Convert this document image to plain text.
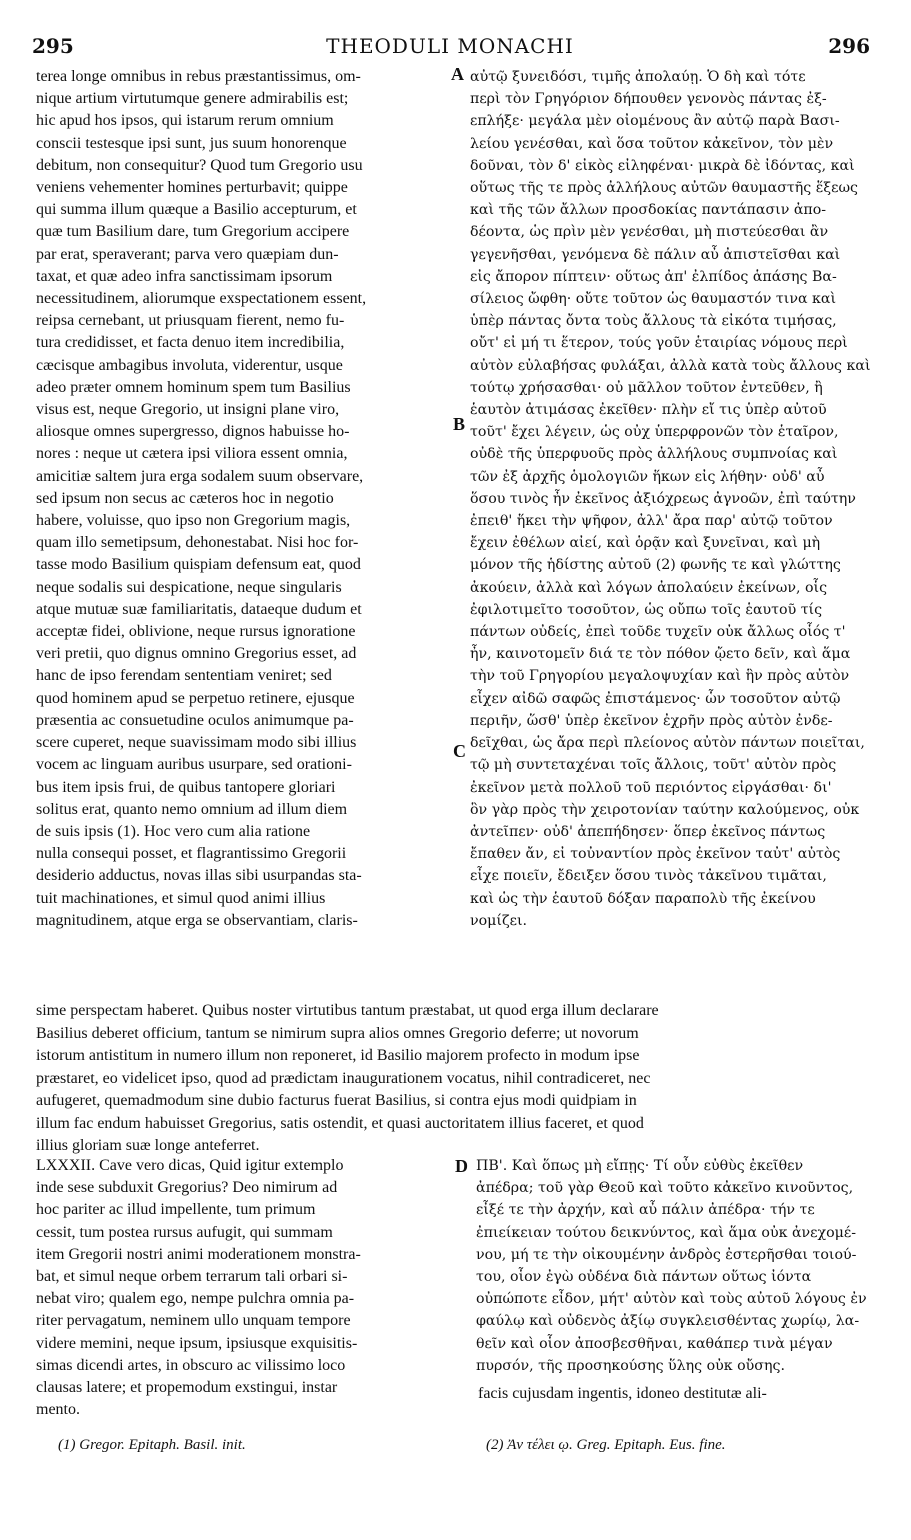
295	THEODULI MONACHI	296
terea longe omnibus in rebus præstantissimus, om-
nique artium virtutumque genere admirabilis est;
hic apud hos ipsos, qui istarum rerum omnium
conscii testesque ipsi sunt, jus suum honorenque
debitum, non consequitur? Quod tum Gregorio usu
veniens vehementer homines perturbavit; quippe
qui summa illum quæque a Basilio accepturum, et
quæ tum Basilium dare, tum Gregorium accipere
par erat, speraverant; parva vero quæpiam dun-
taxat, et quæ adeo infra sanctissimam ipsorum
necessitudinem, aliorumque exspectationem essent,
reipsa cernebant, ut priusquam fierent, nemo fu-
tura credidisset, et facta denuo item incredibilia,
cæcisque ambagibus involuta, viderentur, usque
adeo præter omnem hominum spem tum Basilius
visus est, neque Gregorio, ut insigni plane viro,
aliosque omnes supergresso, dignos habuisse ho-
nores : neque ut cætera ipsi viliora essent omnia,
amicitiæ saltem jura erga sodalem suum observare,
sed ipsum non secus ac cæteros hoc in negotio
habere, voluisse, quo ipso non Gregorium magis,
quam illo semetipsum, dehonestabat. Nisi hoc for-
tasse modo Basilium quispiam defensum eat, quod
neque sodalis sui despicatione, neque singularis
atque mutuæ suæ familiaritatis, dataeque dudum et
acceptæ fidei, oblivione, neque rursus ignoratione
veri pretii, quo dignus omnino Gregorius esset, ad
hanc de ipso ferendam sententiam veniret; sed
quod hominem apud se perpetuo retinere, ejusque
præsentia ac consuetudine oculos animumque pa-
scere cuperet, neque suavissimam modo sibi illius
vocem ac linguam auribus usurpare, sed orationi-
bus item ipsis frui, de quibus tantopere gloriari
solitus erat, quanto nemo omnium ad illum diem
de suis ipsis (1). Hoc vero cum alia ratione
nulla consequi posset, et flagrantissimo Gregorii
desiderio adductus, novas illas sibi usurpandas sta-
tuit machinationes, et simul quod animi illius
magnitudinem, atque erga se observantiam, claris-
αὐτῷ ξυνειδόσι, τιμῆς ἀπολαύῃ. Ὁ δὴ καὶ τότε
περὶ τὸν Γρηγόριον δήπουθεν γενονὸς πάντας ἐξ-
επλήξε· μεγάλα μὲν οἰομένους ἂν αὐτῷ παρὰ Βασι-
λείου γενέσθαι, καὶ ὅσα τοῦτον κἀκεῖνον, τὸν μὲν
δοῦναι, τὸν δ' εἰκὸς εἰληφέναι· μικρὰ δὲ ἰδόντας, καὶ
οὕτως τῆς τε πρὸς ἀλλήλους αὐτῶν θαυμαστῆς ἕξεως
καὶ τῆς τῶν ἄλλων προσδοκίας παντάπασιν ἀπο-
δέοντα, ὡς πρὶν μὲν γενέσθαι, μὴ πιστεύεσθαι ἂν
γεγενῆσθαι, γενόμενα δὲ πάλιν αὖ ἀπιστεῖσθαι καὶ
εἰς ἄπορον πίπτειν· οὕτως ἀπ' ἐλπίδος ἁπάσης Βα-
σίλειος ὤφθη· οὔτε τοῦτον ὡς θαυμαστόν τινα καὶ
ὑπὲρ πάντας ὄντα τοὺς ἄλλους τὰ εἰκότα τιμήσας,
οὔτ' εἰ μή τι ἕτερον, τούς γοῦν ἑταιρίας νόμους περὶ
αὐτὸν εὐλαβήσας φυλάξαι, ἀλλὰ κατὰ τοὺς ἄλλους καὶ
τούτῳ χρήσασθαι· οὐ μᾶλλον τοῦτον ἐντεῦθεν, ἢ
ἑαυτὸν ἀτιμάσας ἐκεῖθεν· πλὴν εἴ τις ὑπὲρ αὐτοῦ
τοῦτ' ἔχει λέγειν, ὡς οὐχ ὑπερφρονῶν τὸν ἑταῖρον,
οὐδὲ τῆς ὑπερφυοῦς πρὸς ἀλλήλους συμπνοίας καὶ
τῶν ἐξ ἀρχῆς ὁμολογιῶν ἥκων εἰς λήθην· οὐδ' αὖ
ὅσου τινὸς ἦν ἐκεῖνος ἀξιόχρεως ἀγνοῶν, ἐπὶ ταύτην
ἐπειθ' ἥκει τὴν ψῆφον, ἀλλ' ἄρα παρ' αὐτῷ τοῦτον
ἔχειν ἐθέλων αἰεί, καὶ ὁρᾷν καὶ ξυνεῖναι, καὶ μὴ
μόνον τῆς ἡδίστης αὐτοῦ (2) φωνῆς τε καὶ γλώττης
ἀκούειν, ἀλλὰ καὶ λόγων ἀπολαύειν ἐκείνων, οἷς
ἐφιλοτιμεῖτο τοσοῦτον, ὡς οὔπω τοῖς ἑαυτοῦ τίς
πάντων οὐδείς, ἐπεὶ τοῦδε τυχεῖν οὐκ ἄλλως οἷός τ'
ἦν, καινοτομεῖν διά τε τὸν πόθον ᾤετο δεῖν, καὶ ἅμα
τὴν τοῦ Γρηγορίου μεγαλοψυχίαν καὶ ἣν πρὸς αὐτὸν
εἶχεν αἰδῶ σαφῶς ἐπιστάμενος· ὧν τοσοῦτον αὐτῷ
περιῆν, ὥσθ' ὑπὲρ ἐκεῖνον ἐχρῆν πρὸς αὐτὸν ἐνδε-
δεῖχθαι, ὡς ἄρα περὶ πλείονος αὐτὸν πάντων ποιεῖται,
τῷ μὴ συντεταχέναι τοῖς ἄλλοις, τοῦτ' αὐτὸν πρὸς
ἐκεῖνον μετὰ πολλοῦ τοῦ περιόντος εἰργάσθαι· δι'
ὃν γὰρ πρὸς τὴν χειροτονίαν ταύτην καλούμενος, οὐκ
ἀντεῖπεν· οὐδ' ἀπεπήδησεν· ὅπερ ἐκεῖνος πάντως
ἔπαθεν ἄν, εἰ τοὐναντίον πρὸς ἐκεῖνον ταὐτ' αὐτὸς
εἶχε ποιεῖν, ἔδειξεν ὅσου τινὸς τἀκεῖνου τιμᾶται,
καὶ ὡς τὴν ἑαυτοῦ δόξαν παραπολὺ τῆς ἐκείνου
νομίζει.
A
B
C
D
sime perspectam haberet. Quibus noster virtutibus tantum præstabat, ut quod erga illum declarare
Basilius deberet officium, tantum se nimirum supra alios omnes Gregorio deferre; ut novorum
istorum antistitum in numero illum non reponeret, id Basilio majorem profecto in modum ipse
præstaret, eo videlicet ipso, quod ad prædictam inaugurationem vocatus, nihil contradiceret, nec
aufugeret, quemadmodum sine dubio facturus fuerat Basilius, si contra ejus modi quidpiam in
illum fac endum habuisset Gregorius, satis ostendit, et quasi auctoritatem illius faceret, et quod
illius gloriam suæ longe anteferret.
LXXXII. Cave vero dicas, Quid igitur extemplo
inde sese subduxit Gregorius? Deo nimirum ad
hoc pariter ac illud impellente, tum primum
cessit, tum postea rursus aufugit, qui summam
item Gregorii nostri animi moderationem monstra-
bat, et simul neque orbem terrarum tali orbari si-
nebat viro; qualem ego, nempe pulchra omnia pa-
riter pervagatum, neminem ullo unquam tempore
videre memini, neque ipsum, ipsiusque exquisitis-
simas dicendi artes, in obscuro ac vilissimo loco
clausas latere; et propemodum exstingui, instar
mento.
ΠΒ'. Καὶ ὅπως μὴ εἴπῃς· Τί οὖν εὐθὺς ἐκεῖθεν
ἀπέδρα; τοῦ γὰρ Θεοῦ καὶ τοῦτο κἀκεῖνο κινοῦντος,
εἶξέ τε τὴν ἀρχήν, καὶ αὖ πάλιν ἀπέδρα· τήν τε
ἐπιείκειαν τούτου δεικνύντος, καὶ ἅμα οὐκ ἀνεχομέ-
νου, μή τε τὴν οἰκουμένην ἀνδρὸς ἐστερῆσθαι τοιού-
του, οἷον ἐγὼ οὐδένα διὰ πάντων οὕτως ἰόντα
οὐπώποτε εἶδον, μήτ' αὐτὸν καὶ τοὺς αὐτοῦ λόγους ἐν
φαύλῳ καὶ οὐδενὸς ἀξίῳ συγκλεισθέντας χωρίῳ, λα-
θεῖν καὶ οἷον ἀποσβεσθῆναι, καθάπερ τινὰ μέγαν
πυρσόν, τῆς προσηκούσης ὕλης οὐκ οὔσης.
facis cujusdam ingentis, idoneo destitutæ ali-
(1) Gregor. Epitaph. Basil. init.	(2) Ἀν τέλει ῳ. Greg. Epitaph. Eus. fine.
